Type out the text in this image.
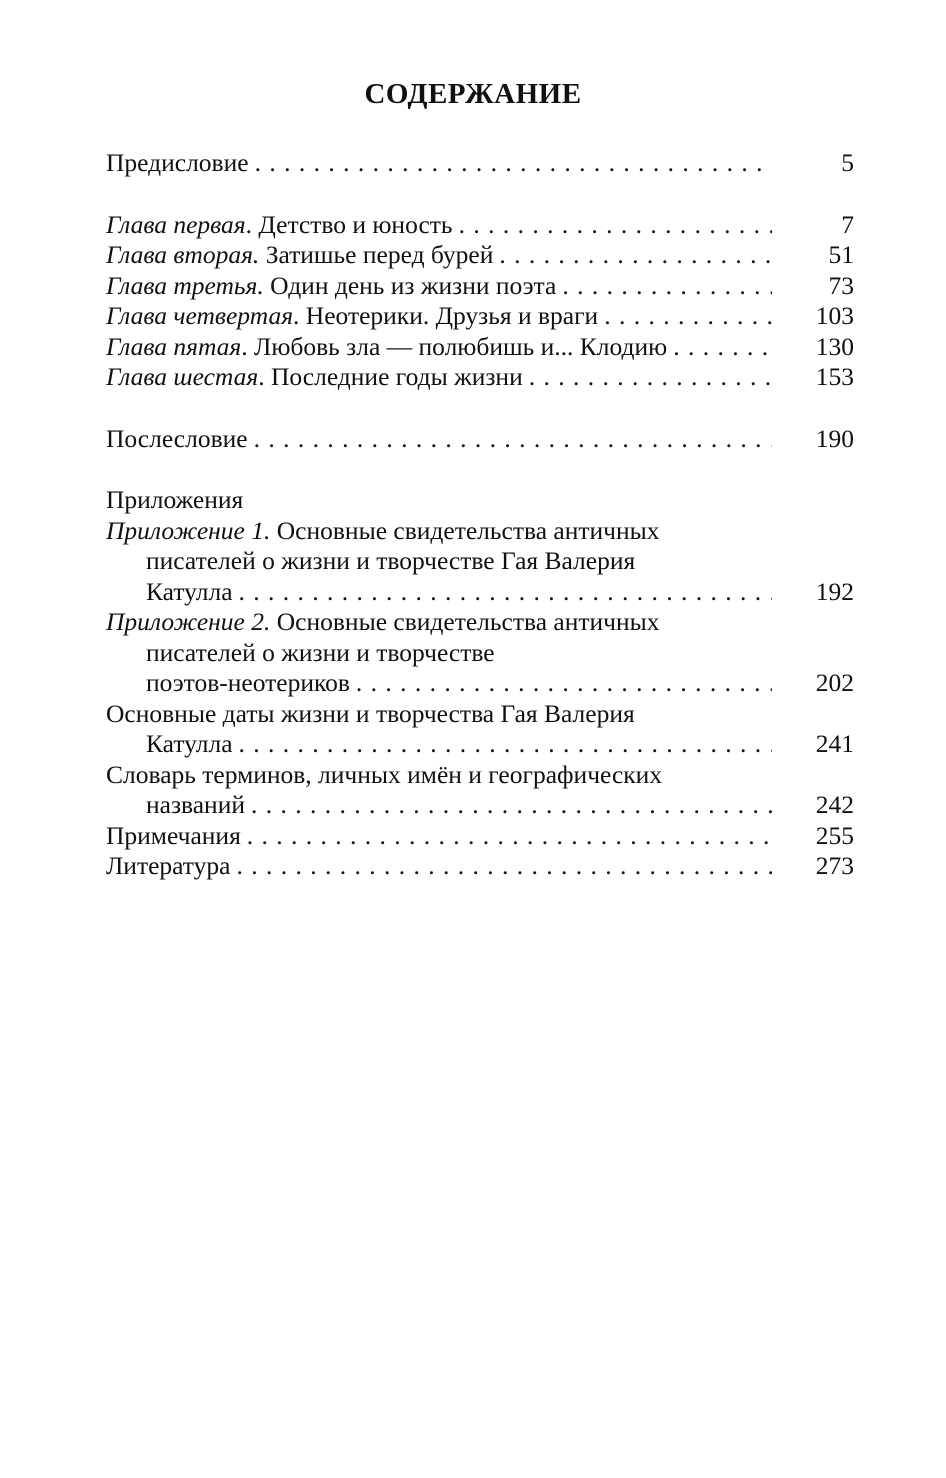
СОДЕРЖАНИЕ
Предисловие . . .	5
Глава первая. Детство и юность . . .	7
Глава вторая. Затишье перед бурей . . .	51
Глава третья. Один день из жизни поэта . . .	73
Глава четвертая. Неотерики. Друзья и враги . . .	103
Глава пятая. Любовь зла — полюбишь и... Клодию . . .	130
Глава шестая. Последние годы жизни . . .	153
Послесловие . . .	190
Приложения
Приложение 1. Основные свидетельства античных
писателей о жизни и творчестве Гая Валерия
Катулла . . .	192
Приложение 2. Основные свидетельства античных
писателей о жизни и творчестве
поэтов-неотериков . . .	202
Основные даты жизни и творчества Гая Валерия
Катулла . . .	241
Словарь терминов, личных имён и географических
названий . . .	242
Примечания . . .	255
Литература . . .	273
